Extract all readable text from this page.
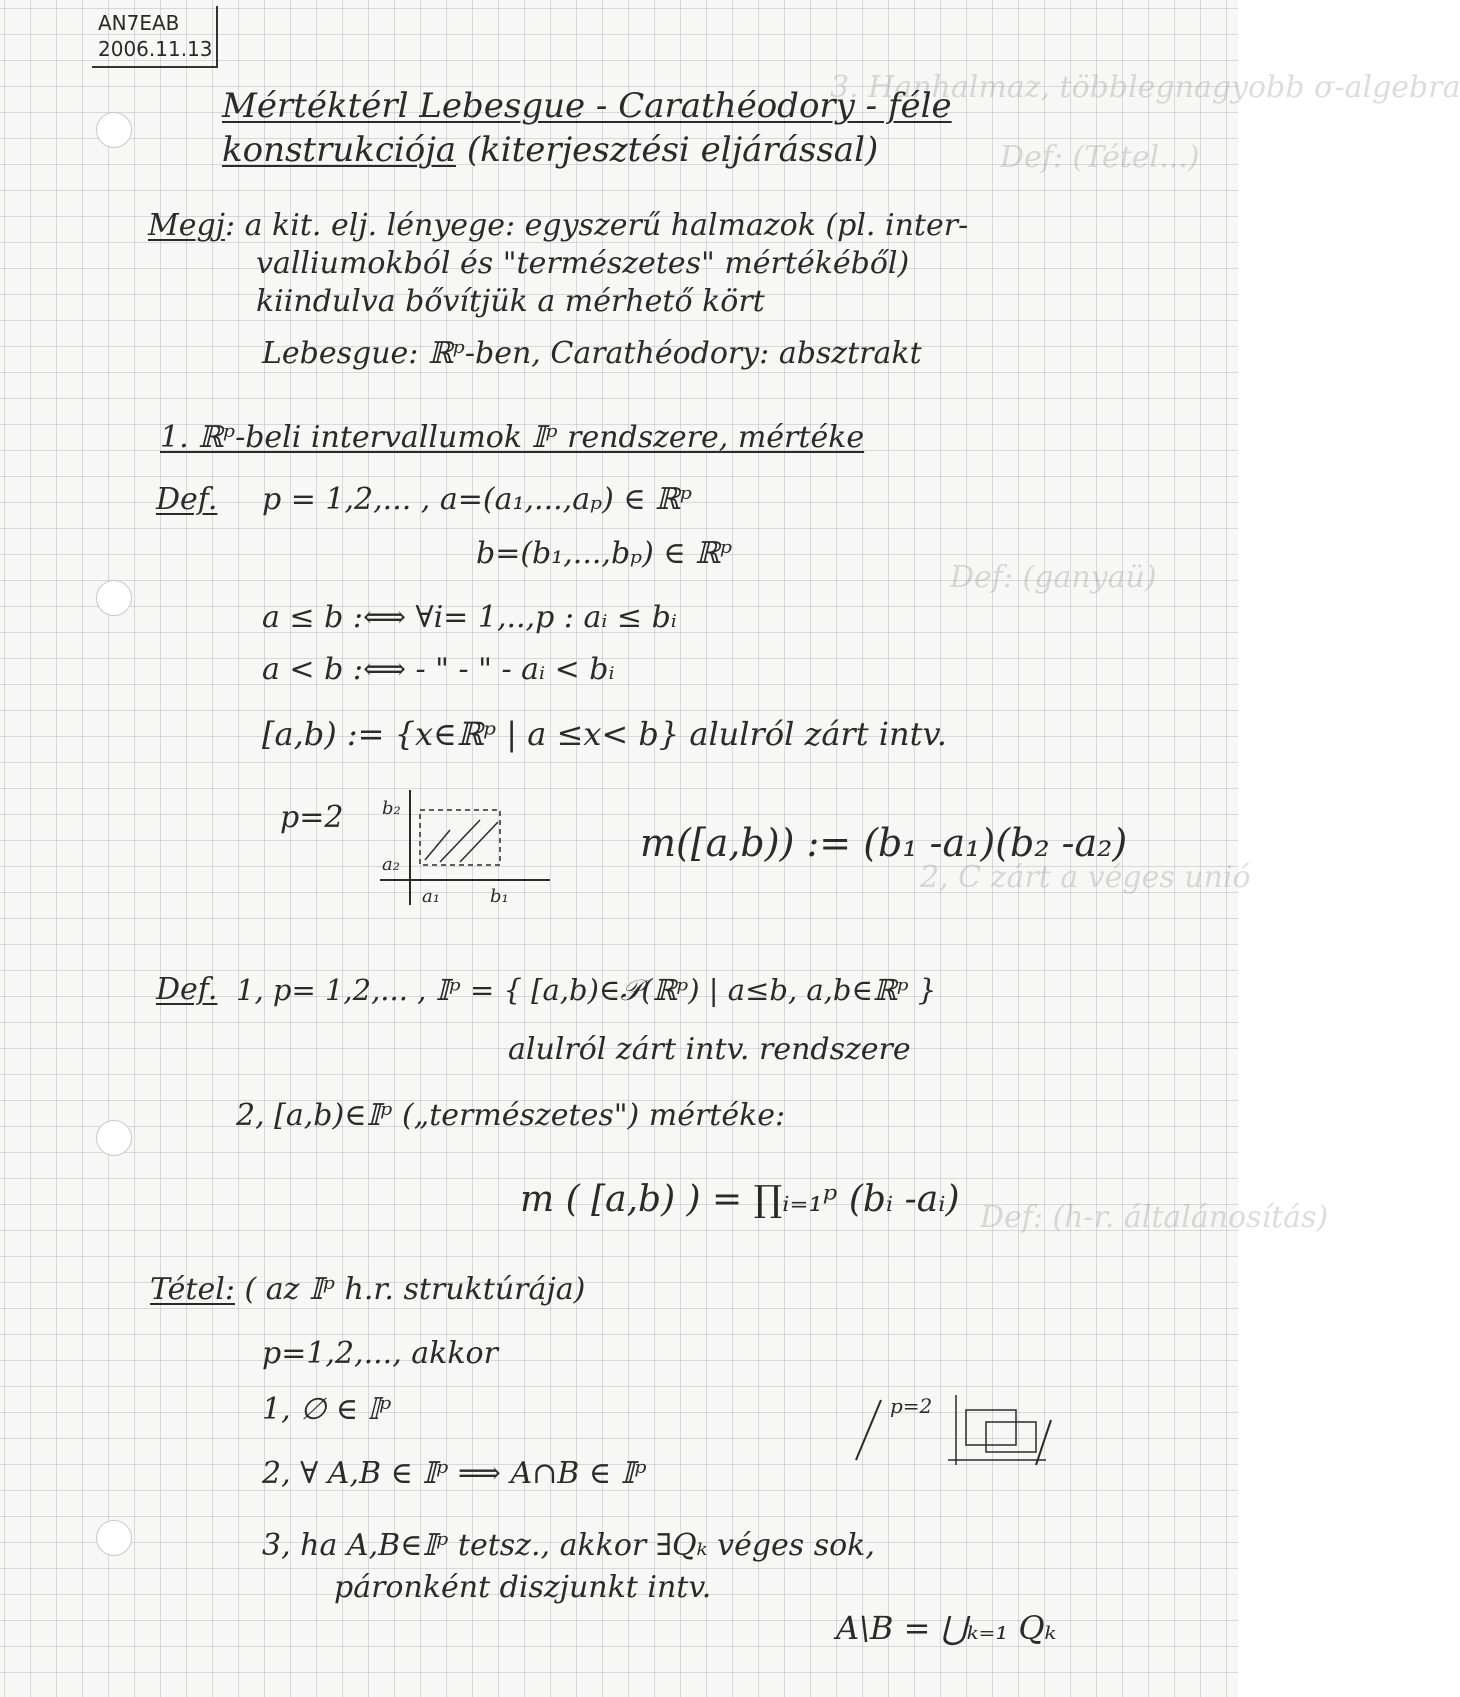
3. Hanhalmaz, többlegnagyobb σ-algebra
Def: (Tétel...)
Def: (ganyaü)
2, C zárt a véges unió
Def: (h-r. általánosítás)
AN7EAB
2006.11.13
Mértéktérl Lebesgue - Carathéodory - féle
konstrukciója (kiterjesztési eljárással)
Megj: a kit. elj. lényege: egyszerű halmazok (pl. inter-
valliumokból és "természetes" mértékéből)
kiindulva bővítjük a mérhető kört
Lebesgue: ℝᵖ-ben, Carathéodory: absztrakt
1. ℝᵖ-beli intervallumok 𝕀ᵖ rendszere, mértéke
Def. p = 1,2,... , a=(a₁,...,aₚ) ∈ ℝᵖ
b=(b₁,...,bₚ) ∈ ℝᵖ
a ≤ b :⟺ ∀i= 1,..,p : aᵢ ≤ bᵢ
a < b :⟺ - " - " - aᵢ < bᵢ
[a,b) := {x∈ℝᵖ | a ≤x< b} alulról zárt intv.
p=2 b₂
a₂
a₁	b₁
m([a,b)) := (b₁ -a₁)(b₂ -a₂)
Def. 1, p= 1,2,... , 𝕀ᵖ = { [a,b)∈𝒫(ℝᵖ) | a≤b, a,b∈ℝᵖ }
alulról zárt intv. rendszere
2, [a,b)∈𝕀ᵖ („természetes") mértéke:
m ( [a,b) ) = ∏ᵢ₌₁ᵖ (bᵢ -aᵢ)
Tétel: ( az 𝕀ᵖ h.r. struktúrája)
p=1,2,..., akkor
1, ∅ ∈ 𝕀ᵖ
2, ∀ A,B ∈ 𝕀ᵖ ⟹ A∩B ∈ 𝕀ᵖ
3, ha A,B∈𝕀ᵖ tetsz., akkor ∃Qₖ véges sok,
páronként diszjunkt intv.
A\B = ⋃ₖ₌₁ Qₖ
p=2
